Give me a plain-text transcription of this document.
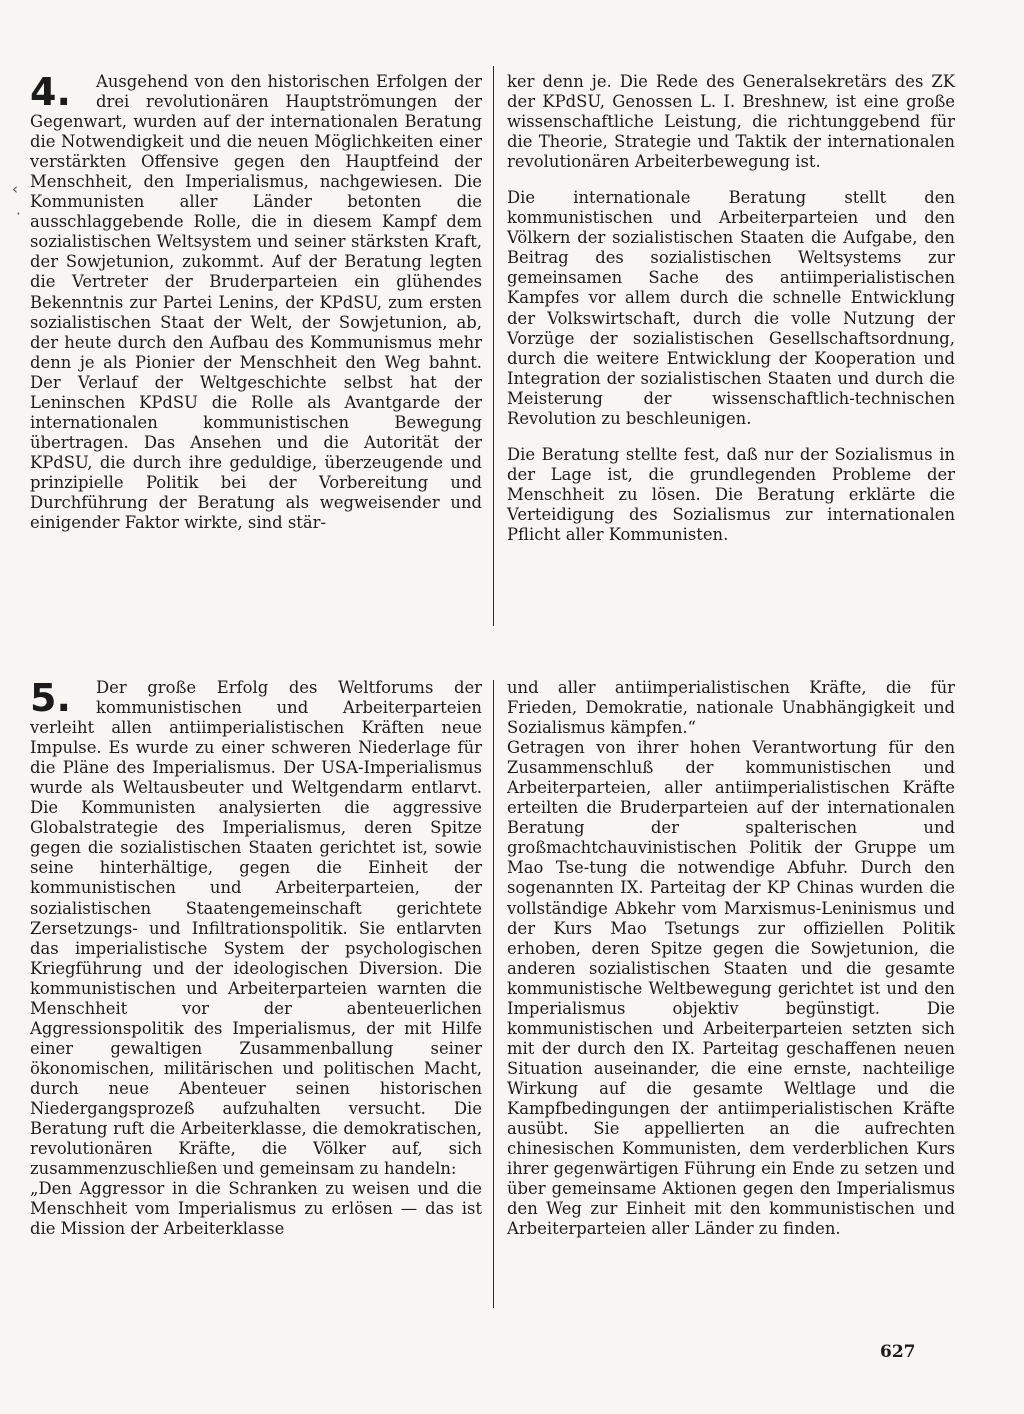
‹
·
4.	Ausgehend von den historischen Erfolgen der drei revolutionären Hauptströmungen der Gegenwart, wurden auf der internationalen Beratung die Notwendigkeit und die neuen Möglichkeiten einer verstärkten Offensive gegen den Hauptfeind der Menschheit, den Imperialismus, nachgewiesen. Die Kommunisten aller Länder betonten die ausschlaggebende Rolle, die in diesem Kampf dem sozialistischen Weltsystem und seiner stärksten Kraft, der Sowjetunion, zukommt. Auf der Beratung legten die Vertreter der Bruderparteien ein glühendes Bekenntnis zur Partei Lenins, der KPdSU, zum ersten sozialistischen Staat der Welt, der Sowjetunion, ab, der heute durch den Aufbau des Kommunismus mehr denn je als Pionier der Menschheit den Weg bahnt. Der Verlauf der Weltgeschichte selbst hat der Leninschen KPdSU die Rolle als Avantgarde der internationalen kommunistischen Bewegung übertragen. Das Ansehen und die Autorität der KPdSU, die durch ihre geduldige, überzeugende und prinzipielle Politik bei der Vorbereitung und Durchführung der Beratung als wegweisender und einigender Faktor wirkte, sind stär-

ker denn je. Die Rede des Generalsekretärs des ZK der KPdSU, Genossen L. I. Breshnew, ist eine große wissenschaftliche Leistung, die richtunggebend für die Theorie, Strategie und Taktik der internationalen revolutionären Arbeiterbewegung ist.

Die internationale Beratung stellt den kommunistischen und Arbeiterparteien und den Völkern der sozialistischen Staaten die Aufgabe, den Beitrag des sozialistischen Weltsystems zur gemeinsamen Sache des antiimperialistischen Kampfes vor allem durch die schnelle Entwicklung der Volkswirtschaft, durch die volle Nutzung der Vorzüge der sozialistischen Gesellschaftsordnung, durch die weitere Entwicklung der Kooperation und Integration der sozialistischen Staaten und durch die Meisterung der wissenschaftlich-technischen Revolution zu beschleunigen.

Die Beratung stellte fest, daß nur der Sozialismus in der Lage ist, die grundlegenden Probleme der Menschheit zu lösen. Die Beratung erklärte die Verteidigung des Sozialismus zur internationalen Pflicht aller Kommunisten.

5.	Der große Erfolg des Weltforums der kommunistischen und Arbeiterparteien verleiht allen antiimperialistischen Kräften neue Impulse. Es wurde zu einer schweren Niederlage für die Pläne des Imperialismus. Der USA-Imperialismus wurde als Weltausbeuter und Weltgendarm entlarvt. Die Kommunisten analysierten die aggressive Globalstrategie des Imperialismus, deren Spitze gegen die sozialistischen Staaten gerichtet ist, sowie seine hinterhältige, gegen die Einheit der kommunistischen und Arbeiterparteien, der sozialistischen Staatengemeinschaft gerichtete Zersetzungs- und Infiltrationspolitik. Sie entlarvten das imperialistische System der psychologischen Kriegführung und der ideologischen Diversion. Die kommunistischen und Arbeiterparteien warnten die Menschheit vor der abenteuerlichen Aggressionspolitik des Imperialismus, der mit Hilfe einer gewaltigen Zusammenballung seiner ökonomischen, militärischen und politischen Macht, durch neue Abenteuer seinen historischen Niedergangsprozeß aufzuhalten versucht. Die Beratung ruft die Arbeiterklasse, die demokratischen, revolutionären Kräfte, die Völker auf, sich zusammenzuschließen und gemeinsam zu handeln:

„Den Aggressor in die Schranken zu weisen und die Menschheit vom Imperialismus zu erlösen — das ist die Mission der Arbeiterklasse

und aller antiimperialistischen Kräfte, die für Frieden, Demokratie, nationale Unabhängigkeit und Sozialismus kämpfen.“

Getragen von ihrer hohen Verantwortung für den Zusammenschluß der kommunistischen und Arbeiterparteien, aller antiimperialistischen Kräfte erteilten die Bruderparteien auf der internationalen Beratung der spalterischen und großmachtchauvinistischen Politik der Gruppe um Mao Tse-tung die notwendige Abfuhr. Durch den sogenannten IX. Parteitag der KP Chinas wurden die vollständige Abkehr vom Marxismus-Leninismus und der Kurs Mao Tsetungs zur offiziellen Politik erhoben, deren Spitze gegen die Sowjetunion, die anderen sozialistischen Staaten und die gesamte kommunistische Weltbewegung gerichtet ist und den Imperialismus objektiv begünstigt. Die kommunistischen und Arbeiterparteien setzten sich mit der durch den IX. Parteitag geschaffenen neuen Situation auseinander, die eine ernste, nachteilige Wirkung auf die gesamte Weltlage und die Kampfbedingungen der antiimperialistischen Kräfte ausübt. Sie appellierten an die aufrechten chinesischen Kommunisten, dem verderblichen Kurs ihrer gegenwärtigen Führung ein Ende zu setzen und über gemeinsame Aktionen gegen den Imperialismus den Weg zur Einheit mit den kommunistischen und Arbeiterparteien aller Länder zu finden.

627
